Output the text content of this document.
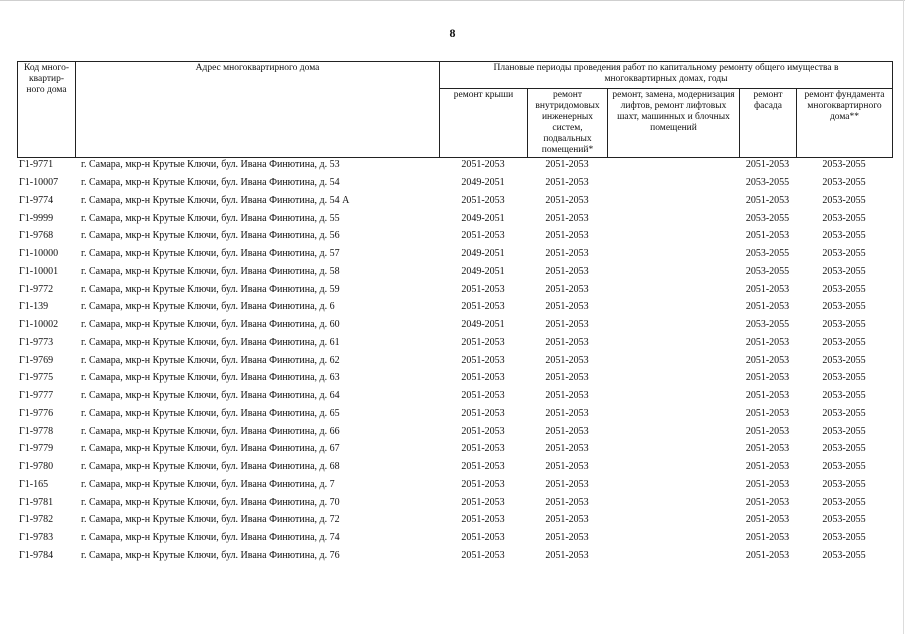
8
Код много-квартир-ного дома	Адрес многоквартирного дома	Плановые периоды проведения работ по капитальному ремонту общего имущества в многоквартирных домах, годы				
		ремонт крыши	ремонт внутридомовых инженерных систем, подвальных помещений*	ремонт, замена, модернизация лифтов, ремонт лифтовых шахт, машинных и блочных помещений	ремонт фасада	ремонт фундамента многоквартирного дома**
Г1-9771	г. Самара, мкр-н Крутые Ключи, бул. Ивана Финютина, д. 53	2051-2053	2051-2053		2051-2053	2053-2055
Г1-10007	г. Самара, мкр-н Крутые Ключи, бул. Ивана Финютина, д. 54	2049-2051	2051-2053		2053-2055	2053-2055
Г1-9774	г. Самара, мкр-н Крутые Ключи, бул. Ивана Финютина, д. 54 А	2051-2053	2051-2053		2051-2053	2053-2055
Г1-9999	г. Самара, мкр-н Крутые Ключи, бул. Ивана Финютина, д. 55	2049-2051	2051-2053		2053-2055	2053-2055
Г1-9768	г. Самара, мкр-н Крутые Ключи, бул. Ивана Финютина, д. 56	2051-2053	2051-2053		2051-2053	2053-2055
Г1-10000	г. Самара, мкр-н Крутые Ключи, бул. Ивана Финютина, д. 57	2049-2051	2051-2053		2053-2055	2053-2055
Г1-10001	г. Самара, мкр-н Крутые Ключи, бул. Ивана Финютина, д. 58	2049-2051	2051-2053		2053-2055	2053-2055
Г1-9772	г. Самара, мкр-н Крутые Ключи, бул. Ивана Финютина, д. 59	2051-2053	2051-2053		2051-2053	2053-2055
Г1-139	г. Самара, мкр-н Крутые Ключи, бул. Ивана Финютина, д. 6	2051-2053	2051-2053		2051-2053	2053-2055
Г1-10002	г. Самара, мкр-н Крутые Ключи, бул. Ивана Финютина, д. 60	2049-2051	2051-2053		2053-2055	2053-2055
Г1-9773	г. Самара, мкр-н Крутые Ключи, бул. Ивана Финютина, д. 61	2051-2053	2051-2053		2051-2053	2053-2055
Г1-9769	г. Самара, мкр-н Крутые Ключи, бул. Ивана Финютина, д. 62	2051-2053	2051-2053		2051-2053	2053-2055
Г1-9775	г. Самара, мкр-н Крутые Ключи, бул. Ивана Финютина, д. 63	2051-2053	2051-2053		2051-2053	2053-2055
Г1-9777	г. Самара, мкр-н Крутые Ключи, бул. Ивана Финютина, д. 64	2051-2053	2051-2053		2051-2053	2053-2055
Г1-9776	г. Самара, мкр-н Крутые Ключи, бул. Ивана Финютина, д. 65	2051-2053	2051-2053		2051-2053	2053-2055
Г1-9778	г. Самара, мкр-н Крутые Ключи, бул. Ивана Финютина, д. 66	2051-2053	2051-2053		2051-2053	2053-2055
Г1-9779	г. Самара, мкр-н Крутые Ключи, бул. Ивана Финютина, д. 67	2051-2053	2051-2053		2051-2053	2053-2055
Г1-9780	г. Самара, мкр-н Крутые Ключи, бул. Ивана Финютина, д. 68	2051-2053	2051-2053		2051-2053	2053-2055
Г1-165	г. Самара, мкр-н Крутые Ключи, бул. Ивана Финютина, д. 7	2051-2053	2051-2053		2051-2053	2053-2055
Г1-9781	г. Самара, мкр-н Крутые Ключи, бул. Ивана Финютина, д. 70	2051-2053	2051-2053		2051-2053	2053-2055
Г1-9782	г. Самара, мкр-н Крутые Ключи, бул. Ивана Финютина, д. 72	2051-2053	2051-2053		2051-2053	2053-2055
Г1-9783	г. Самара, мкр-н Крутые Ключи, бул. Ивана Финютина, д. 74	2051-2053	2051-2053		2051-2053	2053-2055
Г1-9784	г. Самара, мкр-н Крутые Ключи, бул. Ивана Финютина, д. 76	2051-2053	2051-2053		2051-2053	2053-2055
